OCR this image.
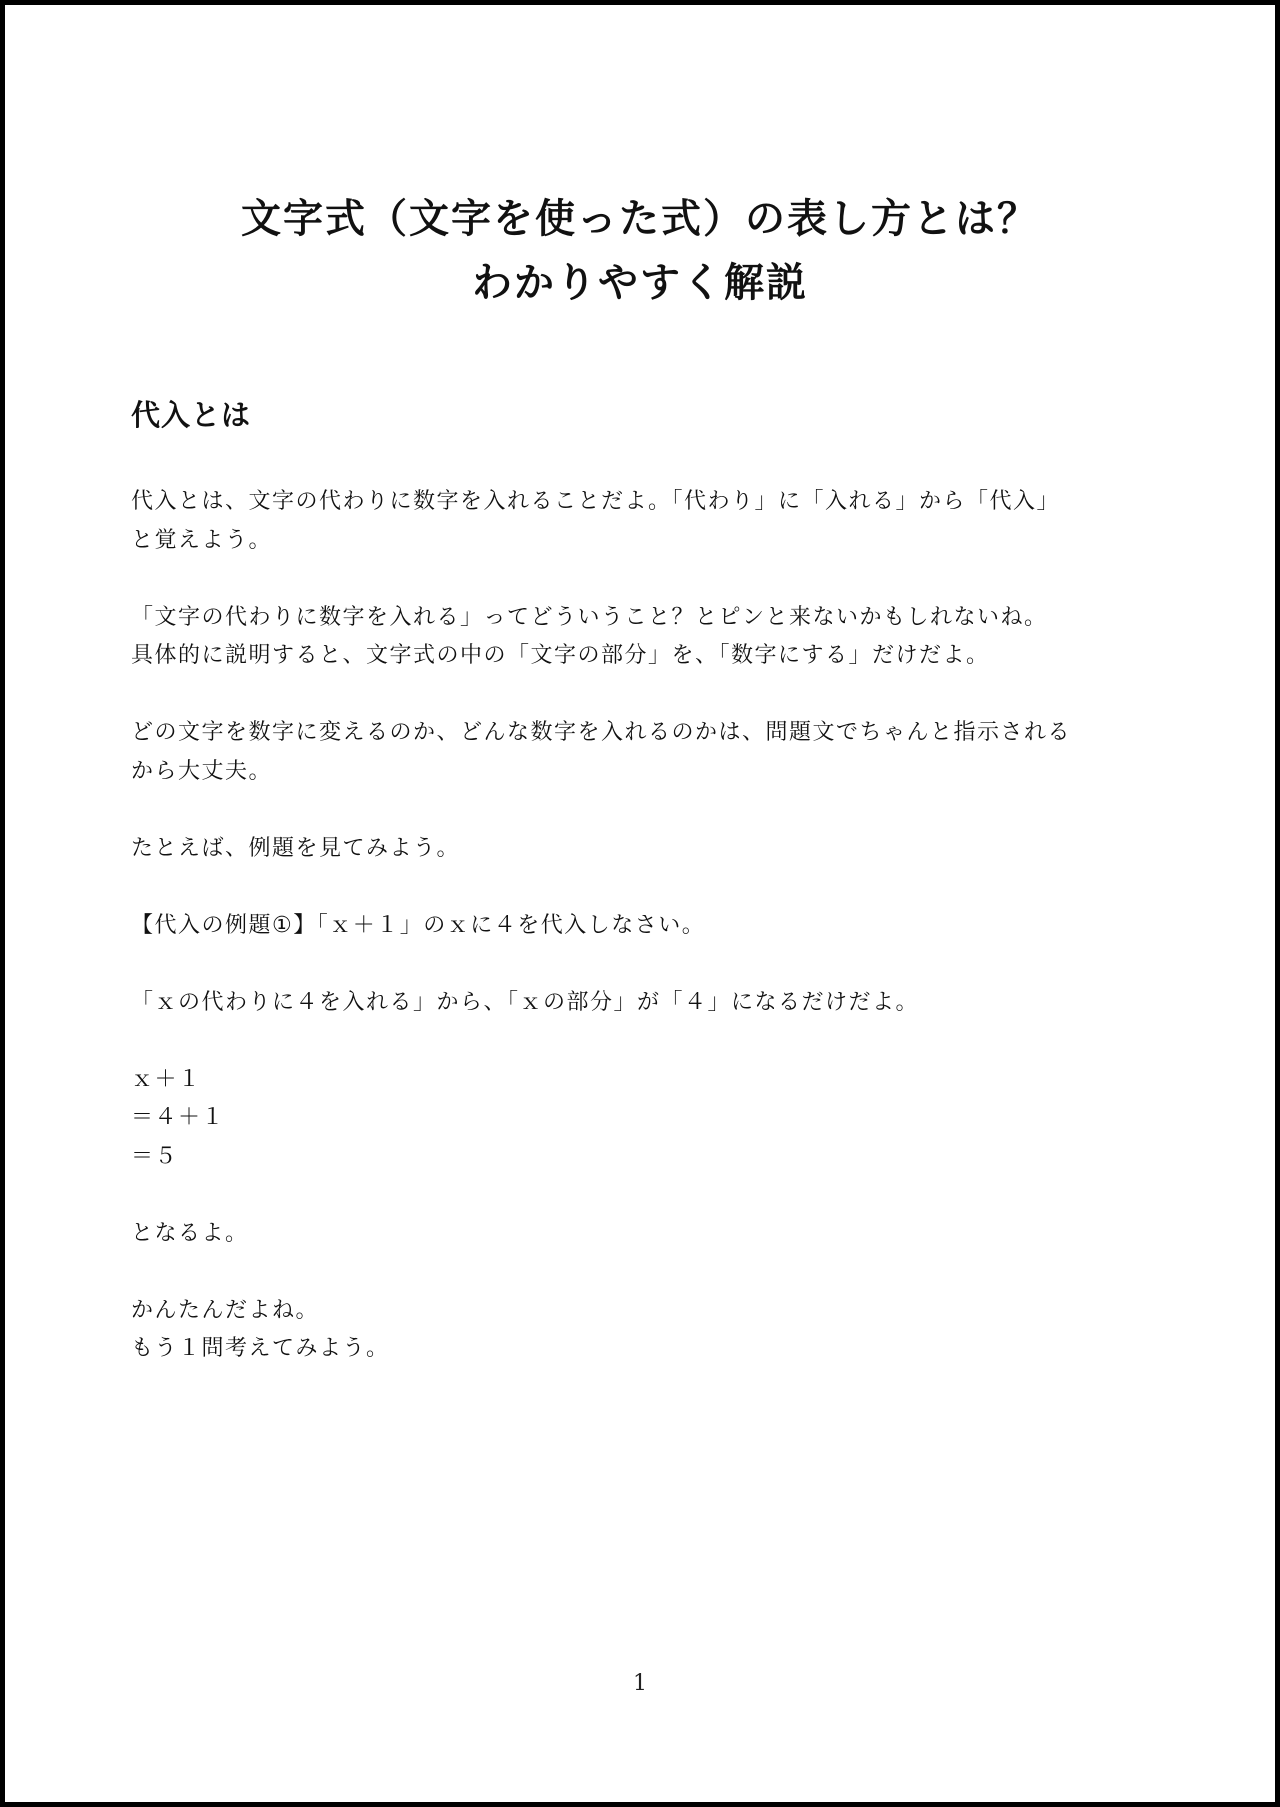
文字式（文字を使った式）の表し方とは？
わかりやすく解説
代入とは
代入とは、文字の代わりに数字を入れることだよ。「代わり」に「入れる」から「代入」
と覚えよう。
「文字の代わりに数字を入れる」ってどういうこと？とピンと来ないかもしれないね。
具体的に説明すると、文字式の中の「文字の部分」を、「数字にする」だけだよ。
どの文字を数字に変えるのか、どんな数字を入れるのかは、問題文でちゃんと指示される
から大丈夫。
たとえば、例題を見てみよう。
【代入の例題①】「ｘ＋１」のｘに４を代入しなさい。
「ｘの代わりに４を入れる」から、「ｘの部分」が「４」になるだけだよ。
ｘ＋１
＝４＋１
＝５
となるよ。
かんたんだよね。
もう１問考えてみよう。
1
